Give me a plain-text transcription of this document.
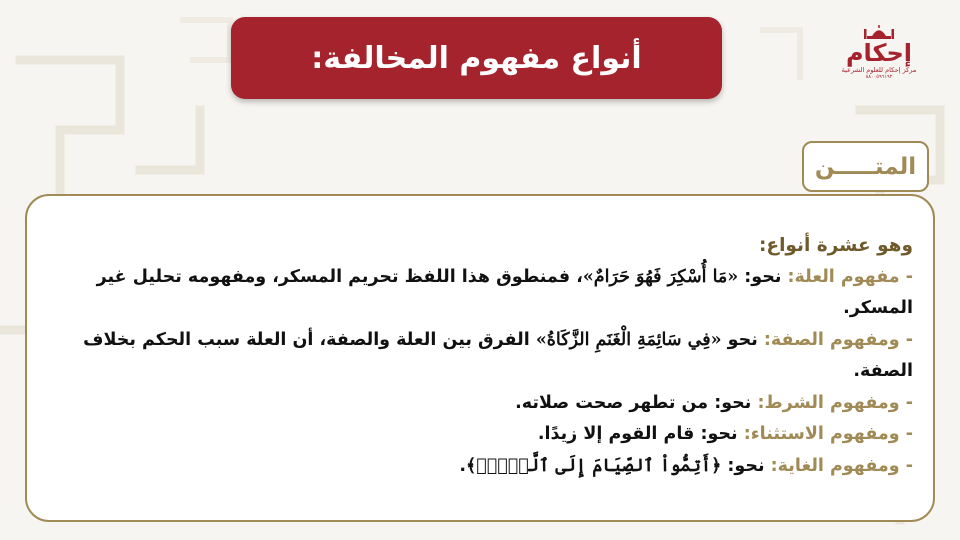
أنواع مفهوم المخالفة:	إحكام
مركز إحكام للعلوم الشرعية
٨٨٠٠٥٩٦١٩٢
المتـــــن
وهو عشرة أنواع:
- مفهوم العلة: نحو: «مَا أُسْكِرَ فَهُوَ حَرَامٌ»، فمنطوق هذا اللفظ تحريم المسكر، ومفهومه تحليل غير المسكر.
- ومفهوم الصفة: نحو «فِي سَائِمَةِ الْغَنَمِ الزَّكَاةُ» الفرق بين العلة والصفة، أن العلة سبب الحكم بخلاف الصفة.
- ومفهوم الشرط: نحو: من تطهر صحت صلاته.
- ومفهوم الاستثناء: نحو: قام القوم إلا زيدًا.
- ومفهوم الغاية: نحو: ﴿أَتِمُّواْ ٱلصِّيَامَ إِلَى ٱلَّيۡلِۚ﴾.
